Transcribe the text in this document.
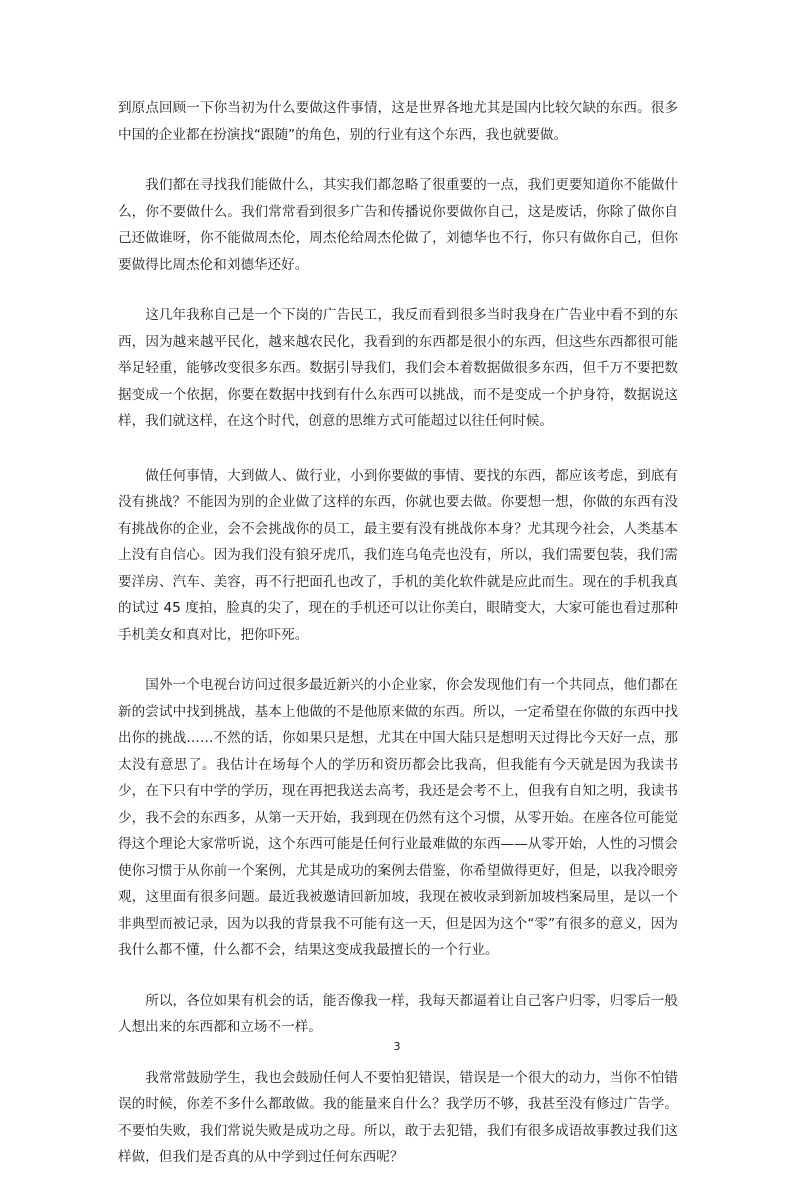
到原点回顾一下你当初为什么要做这件事情，这是世界各地尤其是国内比较欠缺的东西。很多中国的企业都在扮演找“跟随”的角色，别的行业有这个东西，我也就要做。

我们都在寻找我们能做什么，其实我们都忽略了很重要的一点，我们更要知道你不能做什么，你不要做什么。我们常常看到很多广告和传播说你要做你自己，这是废话，你除了做你自己还做谁呀，你不能做周杰伦，周杰伦给周杰伦做了，刘德华也不行，你只有做你自己，但你要做得比周杰伦和刘德华还好。

这几年我称自己是一个下岗的广告民工，我反而看到很多当时我身在广告业中看不到的东西，因为越来越平民化，越来越农民化，我看到的东西都是很小的东西，但这些东西都很可能举足轻重，能够改变很多东西。数据引导我们，我们会本着数据做很多东西，但千万不要把数据变成一个依据，你要在数据中找到有什么东西可以挑战，而不是变成一个护身符，数据说这样，我们就这样，在这个时代，创意的思维方式可能超过以往任何时候。

做任何事情，大到做人、做行业，小到你要做的事情、要找的东西，都应该考虑，到底有没有挑战？不能因为别的企业做了这样的东西，你就也要去做。你要想一想，你做的东西有没有挑战你的企业，会不会挑战你的员工，最主要有没有挑战你本身？尤其现今社会，人类基本上没有自信心。因为我们没有狼牙虎爪，我们连乌龟壳也没有，所以，我们需要包装，我们需要洋房、汽车、美容，再不行把面孔也改了，手机的美化软件就是应此而生。现在的手机我真的试过 45 度拍，脸真的尖了，现在的手机还可以让你美白，眼睛变大，大家可能也看过那种手机美女和真对比，把你吓死。

国外一个电视台访问过很多最近新兴的小企业家，你会发现他们有一个共同点，他们都在新的尝试中找到挑战，基本上他做的不是他原来做的东西。所以，一定希望在你做的东西中找出你的挑战……不然的话，你如果只是想，尤其在中国大陆只是想明天过得比今天好一点，那太没有意思了。我估计在场每个人的学历和资历都会比我高，但我能有今天就是因为我读书少，在下只有中学的学历，现在再把我送去高考，我还是会考不上，但我有自知之明，我读书少，我不会的东西多，从第一天开始，我到现在仍然有这个习惯，从零开始。在座各位可能觉得这个理论大家常听说，这个东西可能是任何行业最难做的东西——从零开始，人性的习惯会使你习惯于从你前一个案例，尤其是成功的案例去借鉴，你希望做得更好，但是，以我冷眼旁观，这里面有很多问题。最近我被邀请回新加坡，我现在被收录到新加坡档案局里，是以一个非典型而被记录，因为以我的背景我不可能有这一天，但是因为这个“零”有很多的意义，因为我什么都不懂，什么都不会，结果这变成我最擅长的一个行业。

所以，各位如果有机会的话，能否像我一样，我每天都逼着让自己客户归零，归零后一般人想出来的东西都和立场不一样。

我常常鼓励学生，我也会鼓励任何人不要怕犯错误，错误是一个很大的动力，当你不怕错误的时候，你差不多什么都敢做。我的能量来自什么？我学历不够，我甚至没有修过广告学。不要怕失败，我们常说失败是成功之母。所以，敢于去犯错，我们有很多成语故事教过我们这样做，但我们是否真的从中学到过任何东西呢？

3
